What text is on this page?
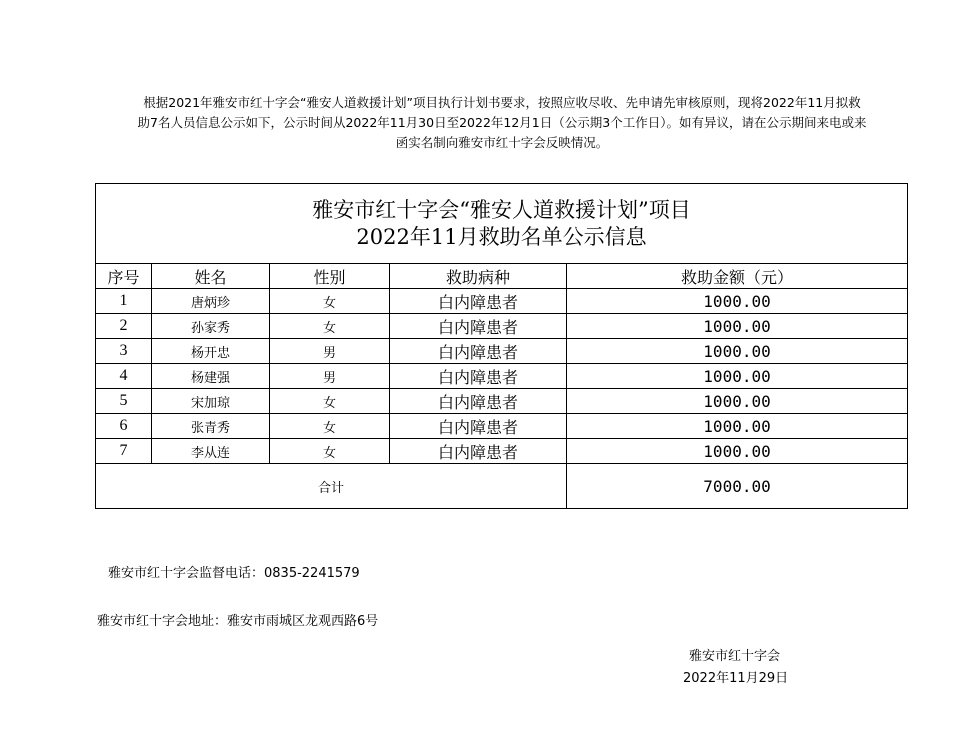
根据2021年雅安市红十字会“雅安人道救援计划”项目执行计划书要求，按照应收尽收、先申请先审核原则，现将2022年11月拟救
助7名人员信息公示如下，公示时间从2022年11月30日至2022年12月1日（公示期3个工作日）。如有异议，请在公示期间来电或来
函实名制向雅安市红十字会反映情况。
雅安市红十字会“雅安人道救援计划”项目
2022年11月救助名单公示信息				

序号	姓名	性别	救助病种	救助金额（元）
1	唐炳珍	女	白内障患者	1000.00
2	孙家秀	女	白内障患者	1000.00
3	杨开忠	男	白内障患者	1000.00
4	杨建强	男	白内障患者	1000.00
5	宋加琼	女	白内障患者	1000.00
6	张青秀	女	白内障患者	1000.00
7	李从连	女	白内障患者	1000.00
合计				7000.00
雅安市红十字会监督电话：0835-2241579
雅安市红十字会地址：雅安市雨城区龙观西路6号
雅安市红十字会
2022年11月29日
